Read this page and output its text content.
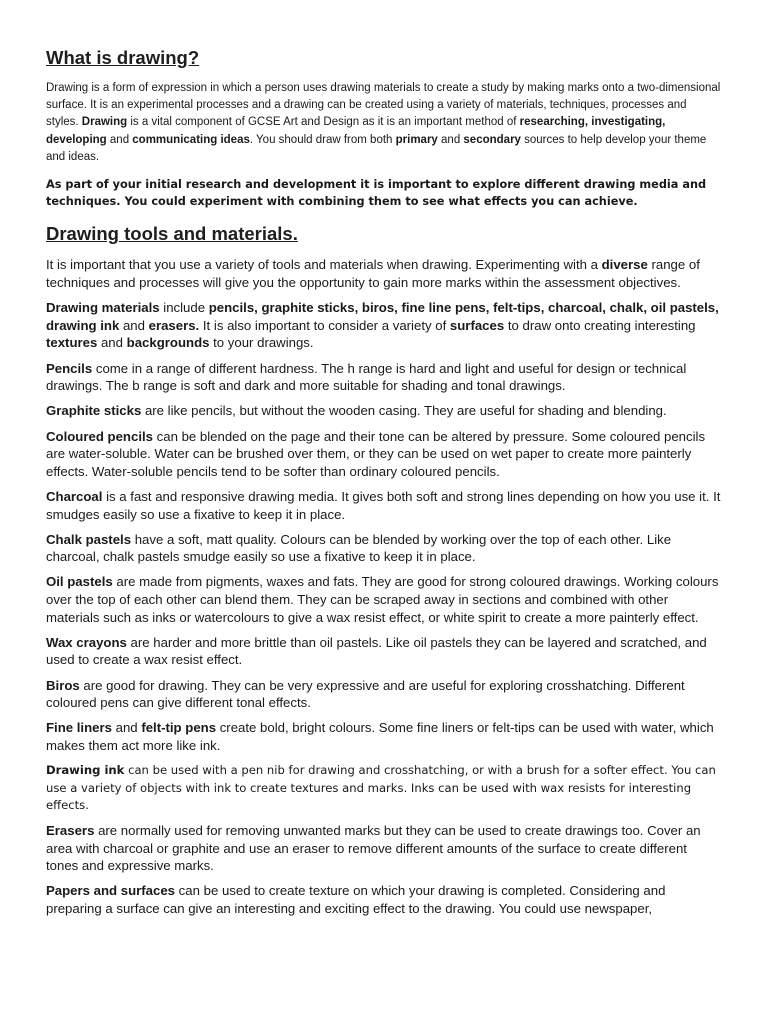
What is drawing?

Drawing is a form of expression in which a person uses drawing materials to create a study by making marks onto a two-dimensional surface. It is an experimental processes and a drawing can be created using a variety of materials, techniques, processes and styles. Drawing is a vital component of GCSE Art and Design as it is an important method of researching, investigating, developing and communicating ideas. You should draw from both primary and secondary sources to help develop your theme and ideas.

As part of your initial research and development it is important to explore different drawing media and techniques. You could experiment with combining them to see what effects you can achieve.

Drawing tools and materials.

It is important that you use a variety of tools and materials when drawing. Experimenting with a diverse range of techniques and processes will give you the opportunity to gain more marks within the assessment objectives.

Drawing materials include pencils, graphite sticks, biros, fine line pens, felt-tips, charcoal, chalk, oil pastels, drawing ink and erasers. It is also important to consider a variety of surfaces to draw onto creating interesting textures and backgrounds to your drawings.

Pencils come in a range of different hardness. The h range is hard and light and useful for design or technical drawings. The b range is soft and dark and more suitable for shading and tonal drawings.

Graphite sticks are like pencils, but without the wooden casing. They are useful for shading and blending.

Coloured pencils can be blended on the page and their tone can be altered by pressure. Some coloured pencils are water-soluble. Water can be brushed over them, or they can be used on wet paper to create more painterly effects. Water-soluble pencils tend to be softer than ordinary coloured pencils.

Charcoal is a fast and responsive drawing media. It gives both soft and strong lines depending on how you use it. It smudges easily so use a fixative to keep it in place.

Chalk pastels have a soft, matt quality. Colours can be blended by working over the top of each other. Like charcoal, chalk pastels smudge easily so use a fixative to keep it in place.

Oil pastels are made from pigments, waxes and fats. They are good for strong coloured drawings. Working colours over the top of each other can blend them. They can be scraped away in sections and combined with other materials such as inks or watercolours to give a wax resist effect, or white spirit to create a more painterly effect.

Wax crayons are harder and more brittle than oil pastels. Like oil pastels they can be layered and scratched, and used to create a wax resist effect.

Biros are good for drawing. They can be very expressive and are useful for exploring crosshatching. Different coloured pens can give different tonal effects.

Fine liners and felt-tip pens create bold, bright colours. Some fine liners or felt-tips can be used with water, which makes them act more like ink.

Drawing ink can be used with a pen nib for drawing and crosshatching, or with a brush for a softer effect. You can use a variety of objects with ink to create textures and marks. Inks can be used with wax resists for interesting effects.

Erasers are normally used for removing unwanted marks but they can be used to create drawings too. Cover an area with charcoal or graphite and use an eraser to remove different amounts of the surface to create different tones and expressive marks.

Papers and surfaces can be used to create texture on which your drawing is completed. Considering and preparing a surface can give an interesting and exciting effect to the drawing. You could use newspaper,
